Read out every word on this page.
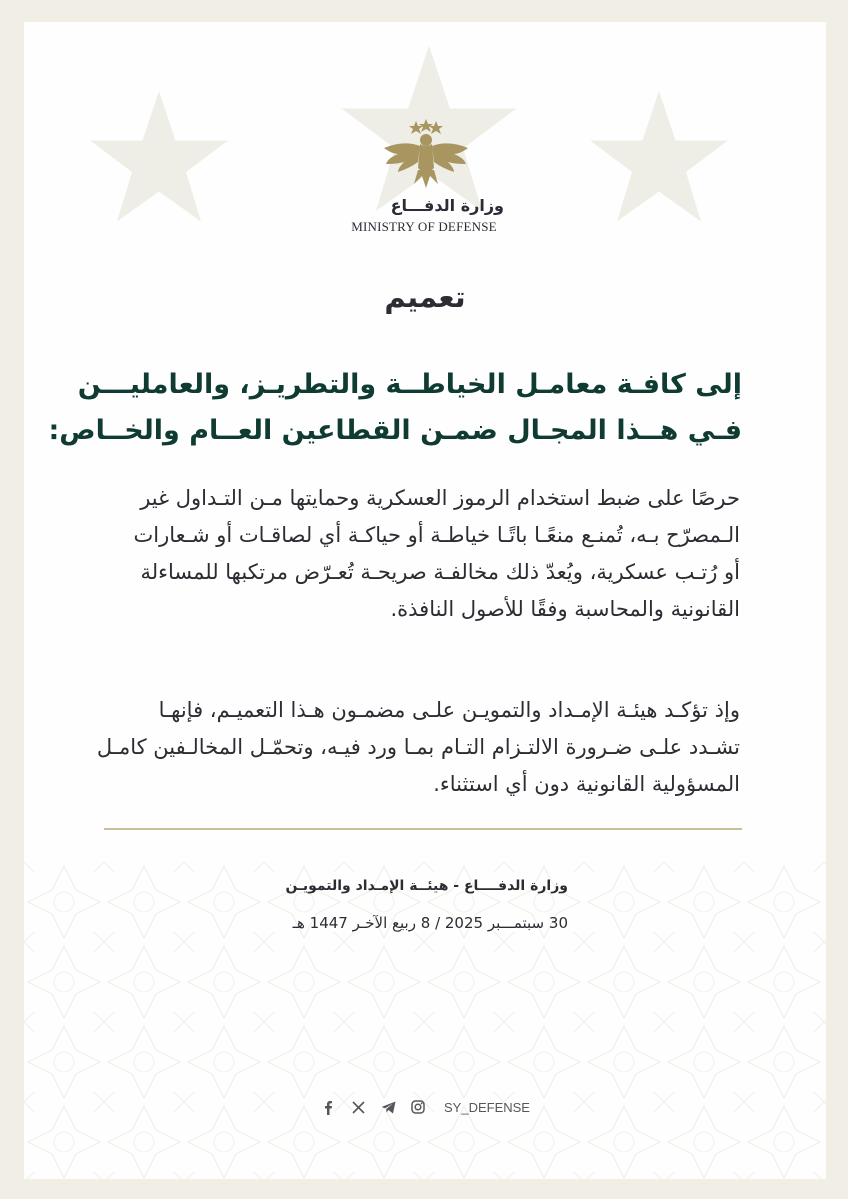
وزارة الدفـــاع
MINISTRY OF DEFENSE
تعميم
إلى كافـة معامـل الخياطــة والتطريـز، والعامليـــن
فـي هــذا المجـال ضمـن القطاعين العــام والخــاص:
حرصًا على ضبط استخدام الرموز العسكرية وحمايتها مـن التـداول غير
الـمصرّح بـه، تُمنـع منعًـا باتًـا خياطـة أو حياكـة أي لصاقـات أو شـعارات
أو رُتـب عسكرية، ويُعدّ ذلك مخالفـة صريحـة تُعـرّض مرتكبها للمساءلة
القانونية والمحاسبة وفقًا للأصول النافذة.
وإذ تؤكـد هيئـة الإمـداد والتمويـن علـى مضمـون هـذا التعميـم، فإنهـا
تشـدد علـى ضـرورة الالتـزام التـام بمـا ورد فيـه، وتحمّـل المخالـفين كامـل
المسؤولية القانونية دون أي استثناء.
وزارة الدفــــاع - هيئــة الإمـداد والتمويـن
30 سبتمـــبر 2025 / 8 ربيع الآخـر 1447 هـ
SY_DEFENSE
